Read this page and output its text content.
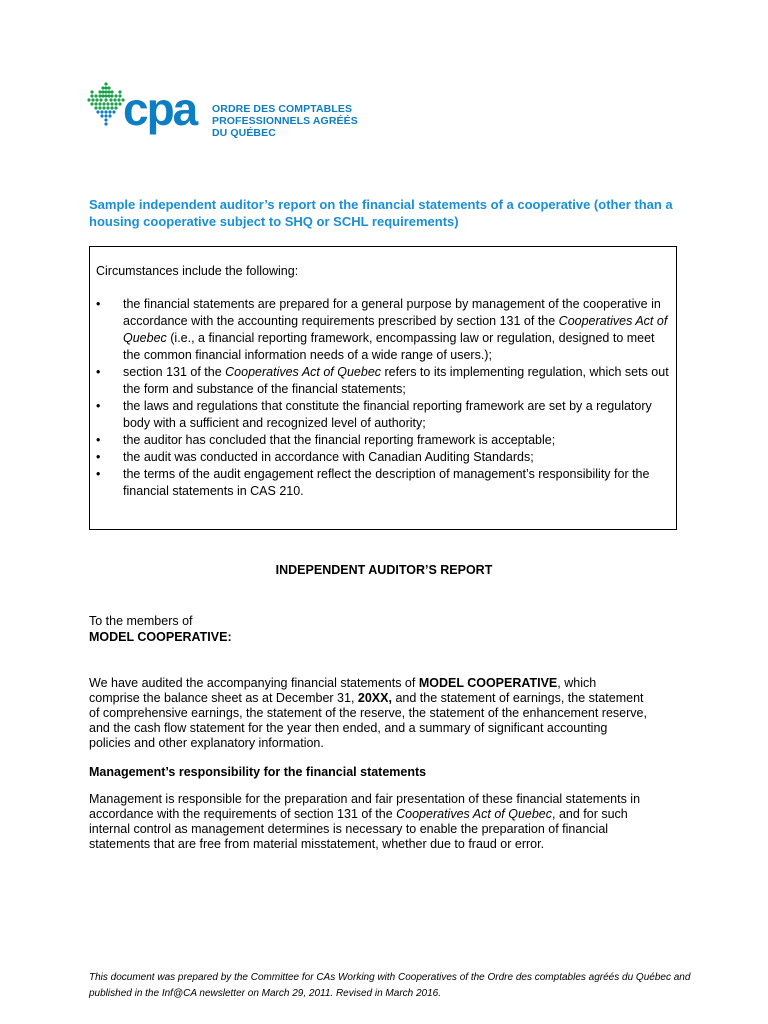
cpa ORDRE DES COMPTABLES
PROFESSIONNELS AGRÉÉS
DU QUÉBEC
Sample independent auditor’s report on the financial statements of a cooperative (other than a housing cooperative subject to SHQ or SCHL requirements)
Circumstances include the following:
• the financial statements are prepared for a general purpose by management of the cooperative in accordance with the accounting requirements prescribed by section 131 of the Cooperatives Act of Quebec (i.e., a financial reporting framework, encompassing law or regulation, designed to meet the common financial information needs of a wide range of users.);
• section 131 of the Cooperatives Act of Quebec refers to its implementing regulation, which sets out the form and substance of the financial statements;
• the laws and regulations that constitute the financial reporting framework are set by a regulatory body with a sufficient and recognized level of authority;
• the auditor has concluded that the financial reporting framework is acceptable;
• the audit was conducted in accordance with Canadian Auditing Standards;
• the terms of the audit engagement reflect the description of management’s responsibility for the financial statements in CAS 210.
INDEPENDENT AUDITOR’S REPORT
To the members of
MODEL COOPERATIVE:
We have audited the accompanying financial statements of MODEL COOPERATIVE, which comprise the balance sheet as at December 31, 20XX, and the statement of earnings, the statement of comprehensive earnings, the statement of the reserve, the statement of the enhancement reserve, and the cash flow statement for the year then ended, and a summary of significant accounting policies and other explanatory information.
Management’s responsibility for the financial statements
Management is responsible for the preparation and fair presentation of these financial statements in accordance with the requirements of section 131 of the Cooperatives Act of Quebec, and for such internal control as management determines is necessary to enable the preparation of financial statements that are free from material misstatement, whether due to fraud or error.
This document was prepared by the Committee for CAs Working with Cooperatives of the Ordre des comptables agréés du Québec and published in the Inf@CA newsletter on March 29, 2011. Revised in March 2016.
